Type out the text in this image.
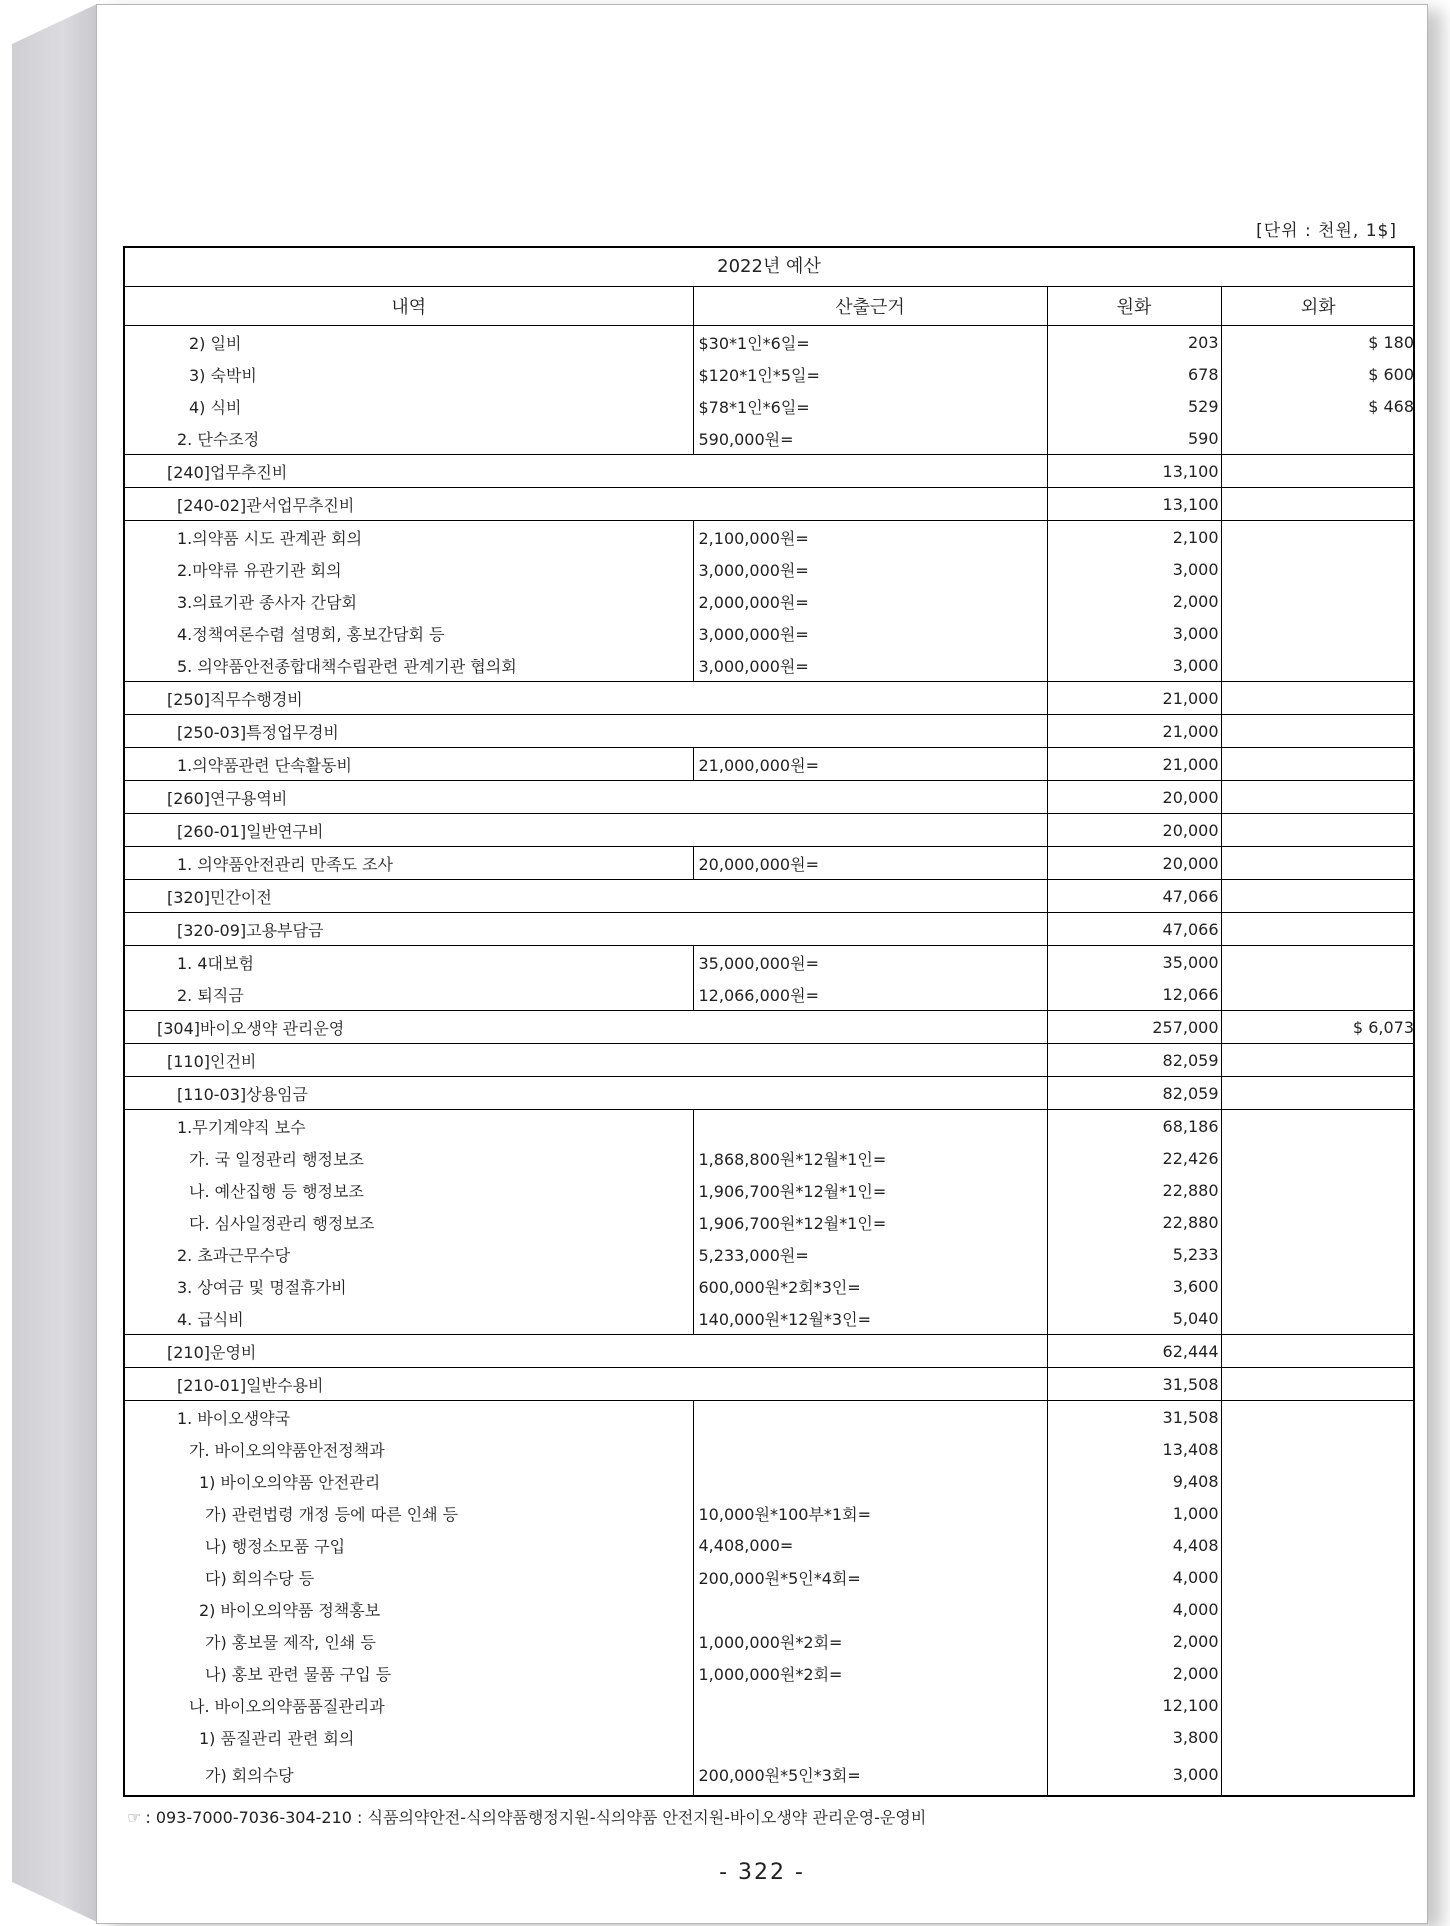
[단위 : 천원, 1$]
2022년 예산
내역	산출근거	원화	외화
2) 일비	$30*1인*6일=	203	$ 180
3) 숙박비	$120*1인*5일=	678	$ 600
4) 식비	$78*1인*6일=	529	$ 468
2. 단수조정	590,000원=	590	
[240]업무추진비		13,100	
[240-02]관서업무추진비		13,100	
1.의약품 시도 관계관 회의	2,100,000원=	2,100	
2.마약류 유관기관 회의	3,000,000원=	3,000	
3.의료기관 종사자 간담회	2,000,000원=	2,000	
4.정책여론수렴 설명회, 홍보간담회 등	3,000,000원=	3,000	
5. 의약품안전종합대책수립관련 관계기관 협의회	3,000,000원=	3,000	
[250]직무수행경비		21,000	
[250-03]특정업무경비		21,000	
1.의약품관련 단속활동비	21,000,000원=	21,000	
[260]연구용역비		20,000	
[260-01]일반연구비		20,000	
1. 의약품안전관리 만족도 조사	20,000,000원=	20,000	
[320]민간이전		47,066	
[320-09]고용부담금		47,066	
1. 4대보험	35,000,000원=	35,000	
2. 퇴직금	12,066,000원=	12,066	
[304]바이오생약 관리운영		257,000	$ 6,073
[110]인건비		82,059	
[110-03]상용임금		82,059	
1.무기계약직 보수		68,186	
가. 국 일정관리 행정보조	1,868,800원*12월*1인=	22,426	
나. 예산집행 등 행정보조	1,906,700원*12월*1인=	22,880	
다. 심사일정관리 행정보조	1,906,700원*12월*1인=	22,880	
2. 초과근무수당	5,233,000원=	5,233	
3. 상여금 및 명절휴가비	600,000원*2회*3인=	3,600	
4. 급식비	140,000원*12월*3인=	5,040	
[210]운영비		62,444	
[210-01]일반수용비		31,508	
1. 바이오생약국		31,508	
가. 바이오의약품안전정책과		13,408	
1) 바이오의약품 안전관리		9,408	
가) 관련법령 개정 등에 따른 인쇄 등	10,000원*100부*1회=	1,000	
나) 행정소모품 구입	4,408,000=	4,408	
다) 회의수당 등	200,000원*5인*4회=	4,000	
2) 바이오의약품 정책홍보		4,000	
가) 홍보물 제작, 인쇄 등	1,000,000원*2회=	2,000	
나) 홍보 관련 물품 구입 등	1,000,000원*2회=	2,000	
나. 바이오의약품품질관리과		12,100	
1) 품질관리 관련 회의		3,800	
가) 회의수당	200,000원*5인*3회=	3,000	
☞ : 093-7000-7036-304-210 : 식품의약안전-식의약품행정지원-식의약품 안전지원-바이오생약 관리운영-운영비
- 322 -
